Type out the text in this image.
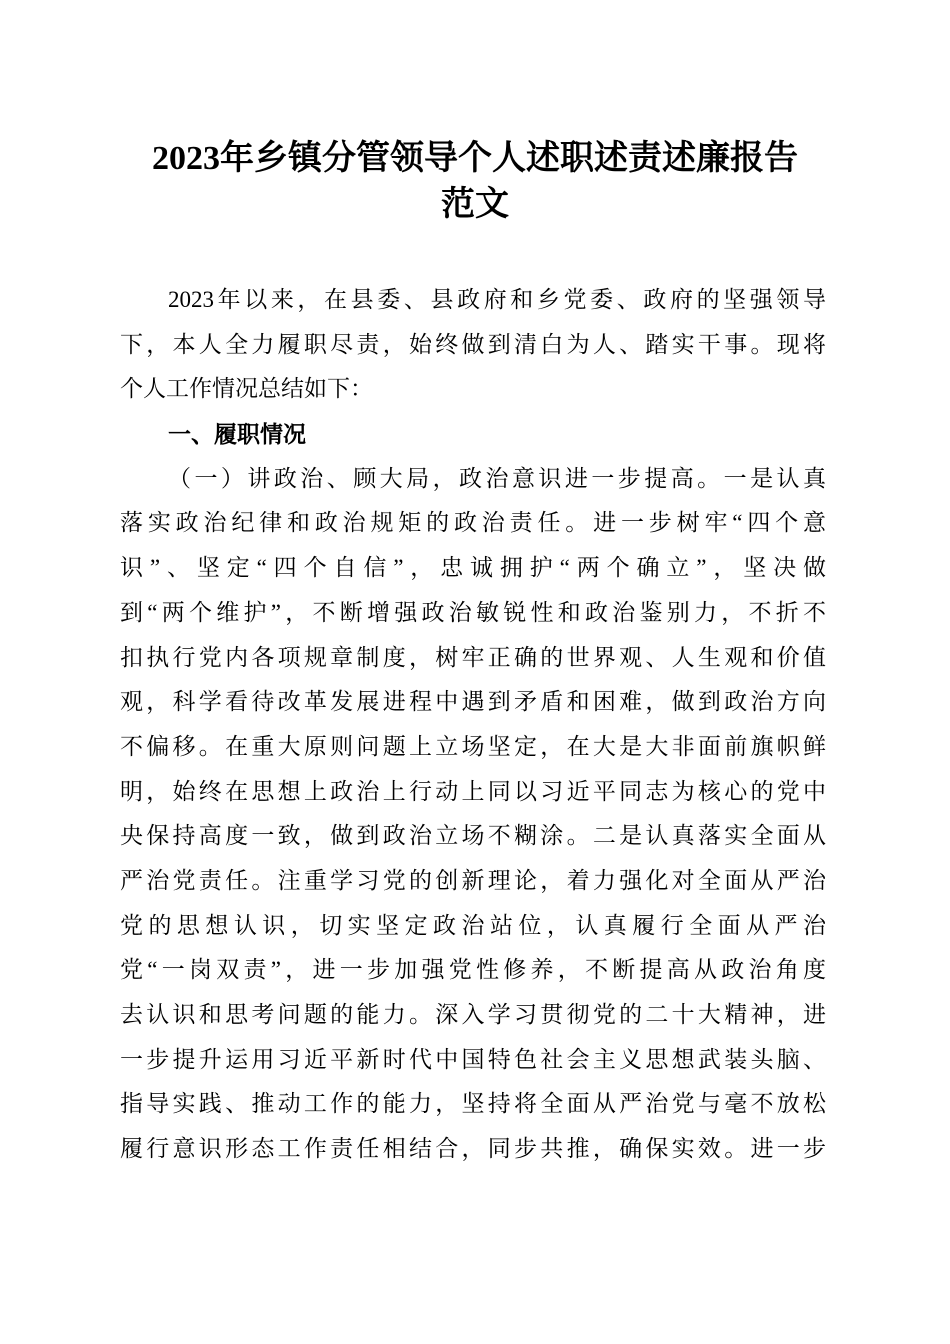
2023年乡镇分管领导个人述职述责述廉报告
范文
2023年以来，在县委、县政府和乡党委、政府的坚强领导
下，本人全力履职尽责，始终做到清白为人、踏实干事。现将
个人工作情况总结如下：
一、履职情况
（一）讲政治、顾大局，政治意识进一步提高。一是认真
落实政治纪律和政治规矩的政治责任。进一步树牢“四个意
识”、坚定“四个自信”，忠诚拥护“两个确立”，坚决做
到“两个维护”，不断增强政治敏锐性和政治鉴别力，不折不
扣执行党内各项规章制度，树牢正确的世界观、人生观和价值
观，科学看待改革发展进程中遇到矛盾和困难，做到政治方向
不偏移。在重大原则问题上立场坚定，在大是大非面前旗帜鲜
明，始终在思想上政治上行动上同以习近平同志为核心的党中
央保持高度一致，做到政治立场不糊涂。二是认真落实全面从
严治党责任。注重学习党的创新理论，着力强化对全面从严治
党的思想认识，切实坚定政治站位，认真履行全面从严治
党“一岗双责”，进一步加强党性修养，不断提高从政治角度
去认识和思考问题的能力。深入学习贯彻党的二十大精神，进
一步提升运用习近平新时代中国特色社会主义思想武装头脑、
指导实践、推动工作的能力，坚持将全面从严治党与毫不放松
履行意识形态工作责任相结合，同步共推，确保实效。进一步
